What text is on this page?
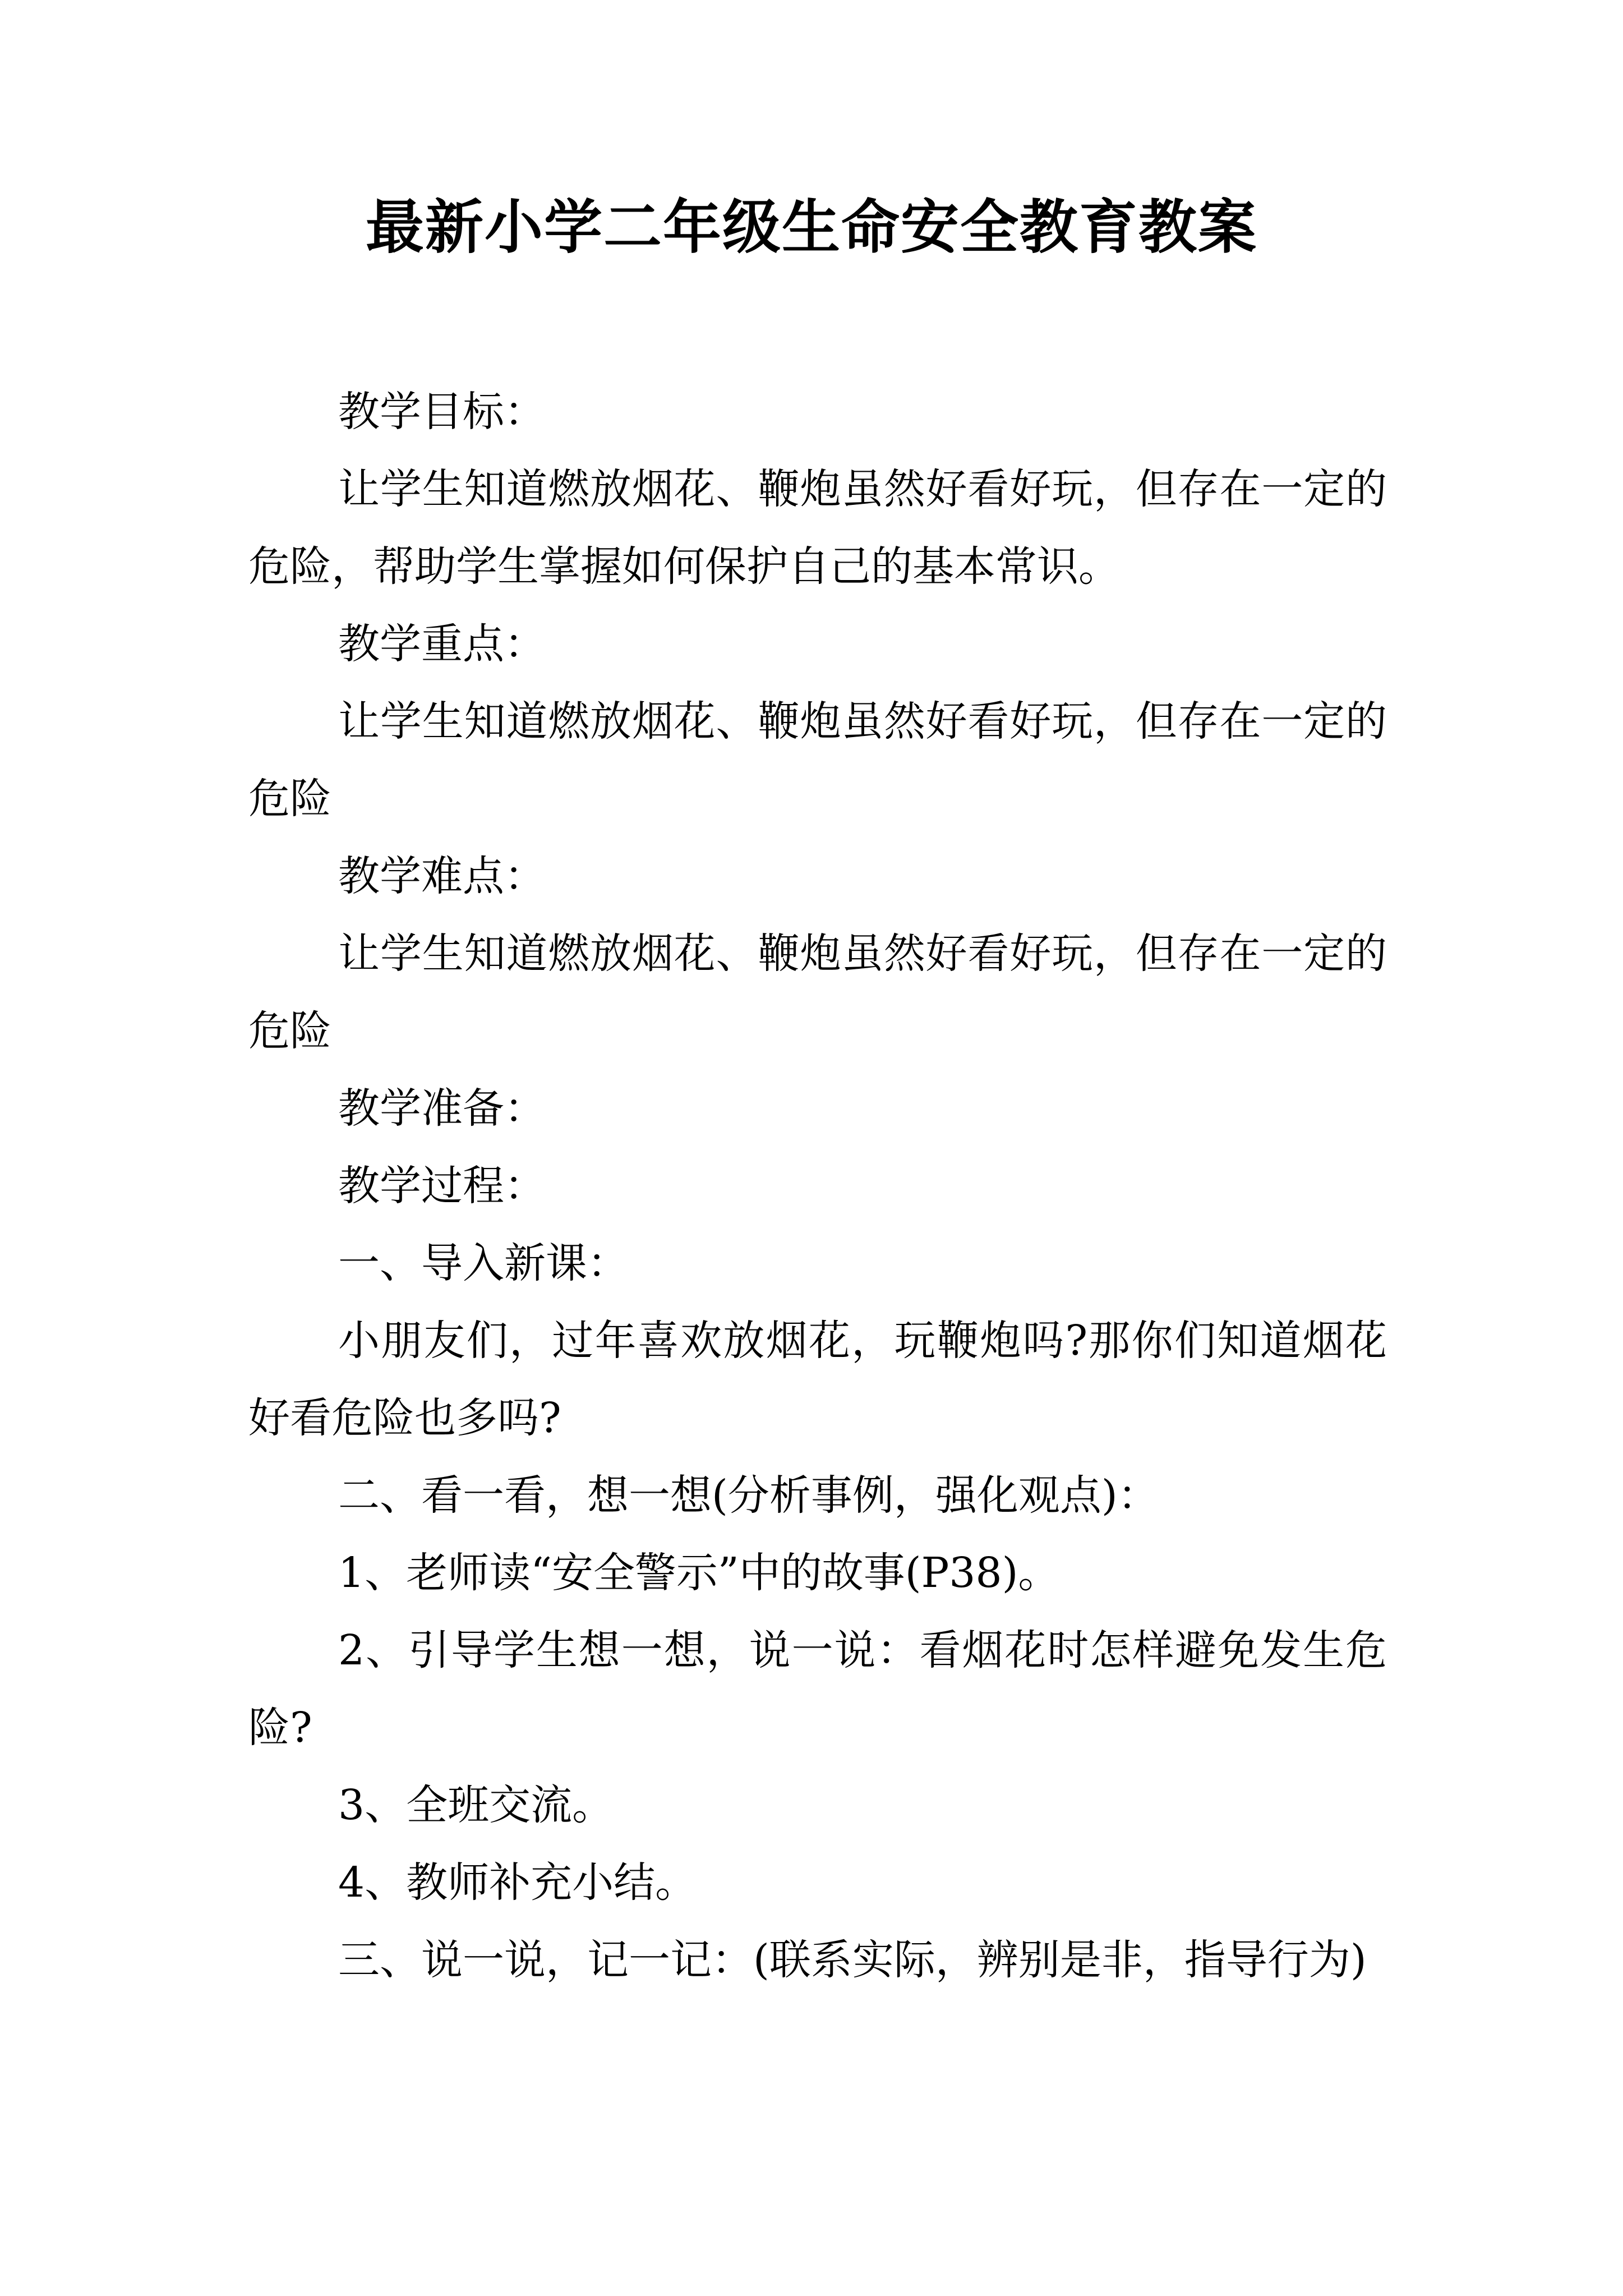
最新小学二年级生命安全教育教案

教学目标：

让学生知道燃放烟花、鞭炮虽然好看好玩，但存在一定的危险，帮助学生掌握如何保护自己的基本常识。

教学重点：

让学生知道燃放烟花、鞭炮虽然好看好玩，但存在一定的危险

教学难点：

让学生知道燃放烟花、鞭炮虽然好看好玩，但存在一定的危险

教学准备：

教学过程：

一、导入新课：

小朋友们，过年喜欢放烟花，玩鞭炮吗?那你们知道烟花好看危险也多吗?

二、看一看，想一想(分析事例，强化观点)：

1、老师读“安全警示”中的故事(P38)。

2、引导学生想一想，说一说：看烟花时怎样避免发生危险?

3、全班交流。

4、教师补充小结。

三、说一说，记一记：(联系实际，辨别是非，指导行为)
